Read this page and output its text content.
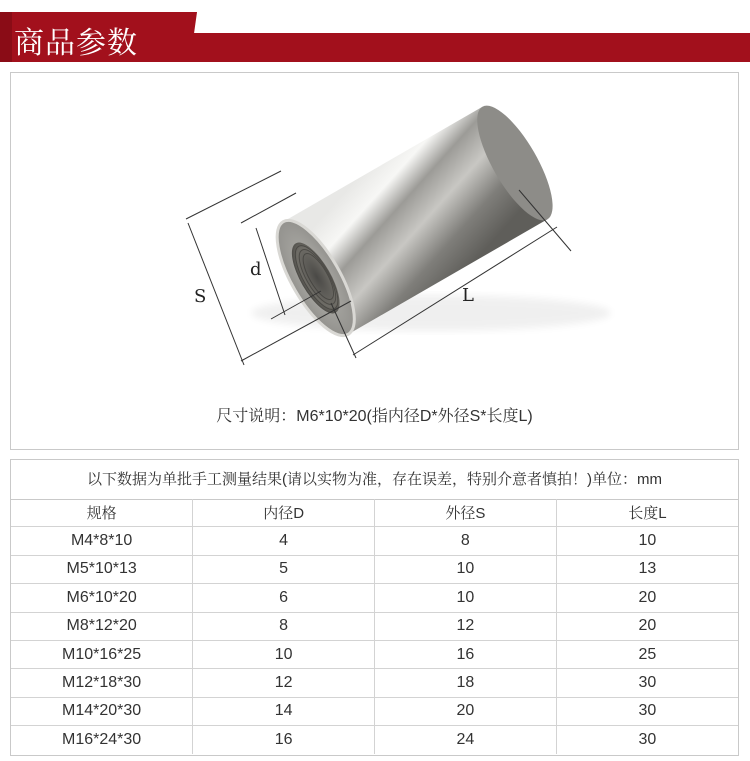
商品参数
S
d
L
尺寸说明：M6*10*20(指内径D*外径S*长度L)
以下数据为单批手工测量结果(请以实物为准，存在误差，特别介意者慎拍！)单位：mm
规格	内径D	外径S	长度L
M4*8*10	4	8	10
M5*10*13	5	10	13
M6*10*20	6	10	20
M8*12*20	8	12	20
M10*16*25	10	16	25
M12*18*30	12	18	30
M14*20*30	14	20	30
M16*24*30	16	24	30
